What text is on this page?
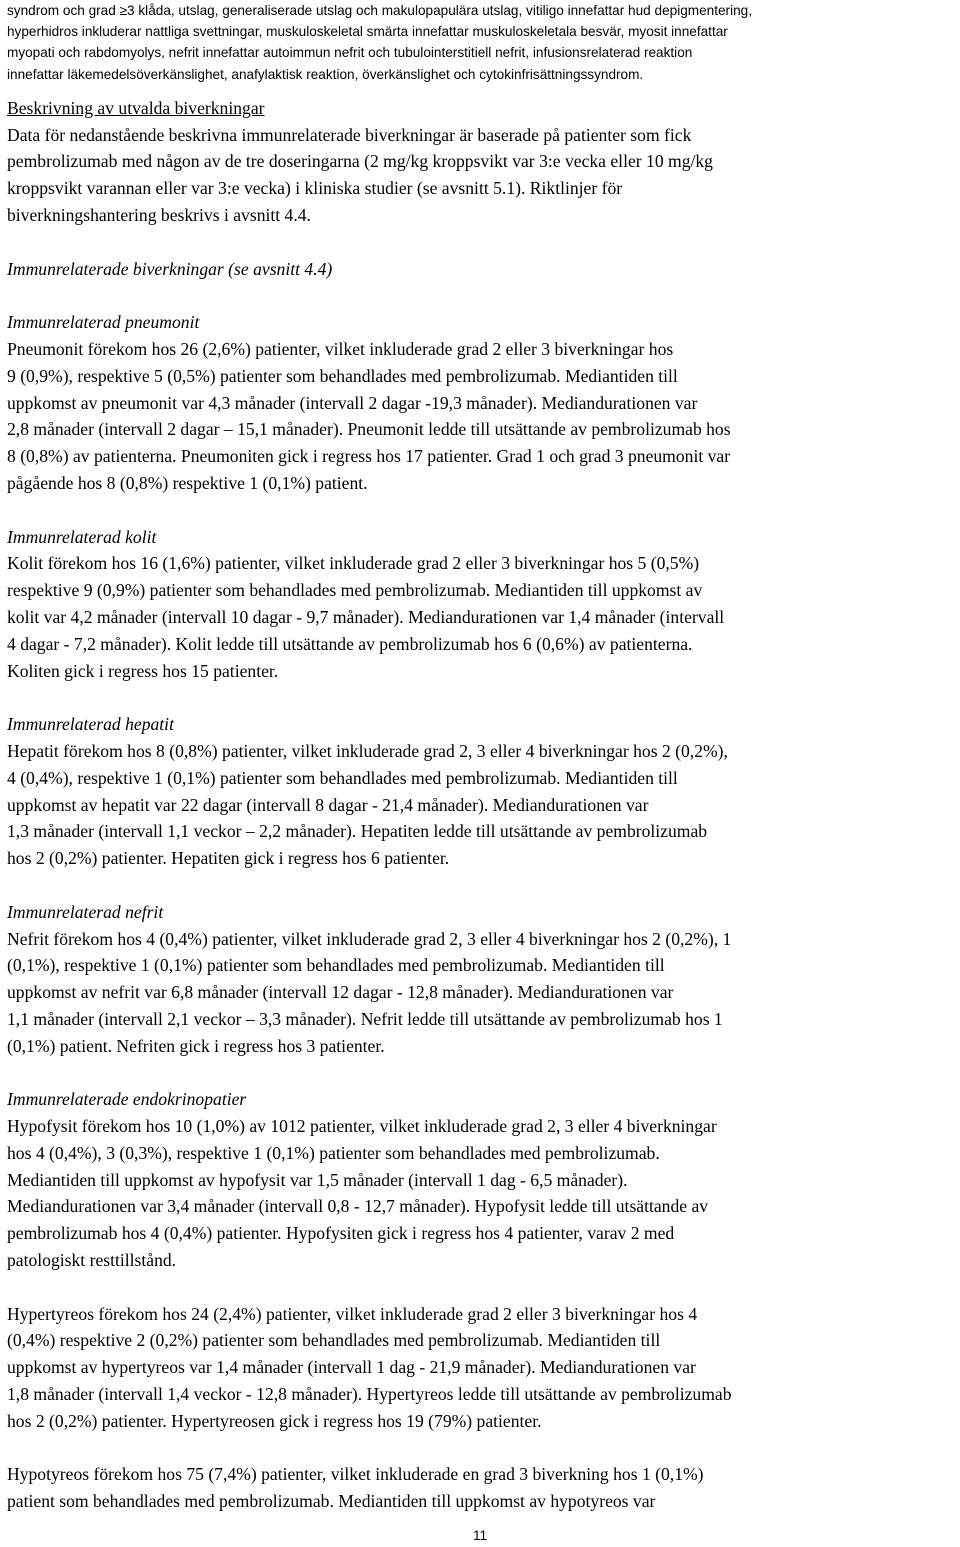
syndrom och grad ≥3 klåda, utslag, generaliserade utslag och makulopapulära utslag, vitiligo innefattar hud depigmentering,
hyperhidros inkluderar nattliga svettningar, muskuloskeletal smärta innefattar muskuloskeletala besvär, myosit innefattar
myopati och rabdomyolys, nefrit innefattar autoimmun nefrit och tubulointerstitiell nefrit, infusionsrelaterad reaktion
innefattar läkemedelsöverkänslighet, anafylaktisk reaktion, överkänslighet och cytokinfrisättningssyndrom.

Beskrivning av utvalda biverkningar

Data för nedanstående beskrivna immunrelaterade biverkningar är baserade på patienter som fick
pembrolizumab med någon av de tre doseringarna (2 mg/kg kroppsvikt var 3:e vecka eller 10 mg/kg
kroppsvikt varannan eller var 3:e vecka) i kliniska studier (se avsnitt 5.1). Riktlinjer för
biverkningshantering beskrivs i avsnitt 4.4.

Immunrelaterade biverkningar (se avsnitt 4.4)

Immunrelaterad pneumonit

Pneumonit förekom hos 26 (2,6%) patienter, vilket inkluderade grad 2 eller 3 biverkningar hos
9 (0,9%), respektive 5 (0,5%) patienter som behandlades med pembrolizumab. Mediantiden till
uppkomst av pneumonit var 4,3 månader (intervall 2 dagar -19,3 månader). Mediandurationen var
2,8 månader (intervall 2 dagar – 15,1 månader). Pneumonit ledde till utsättande av pembrolizumab hos
8 (0,8%) av patienterna. Pneumoniten gick i regress hos 17 patienter. Grad 1 och grad 3 pneumonit var
pågående hos 8 (0,8%) respektive 1 (0,1%) patient.

Immunrelaterad kolit

Kolit förekom hos 16 (1,6%) patienter, vilket inkluderade grad 2 eller 3 biverkningar hos 5 (0,5%)
respektive 9 (0,9%) patienter som behandlades med pembrolizumab. Mediantiden till uppkomst av
kolit var 4,2 månader (intervall 10 dagar - 9,7 månader). Mediandurationen var 1,4 månader (intervall
4 dagar - 7,2 månader). Kolit ledde till utsättande av pembrolizumab hos 6 (0,6%) av patienterna.
Koliten gick i regress hos 15 patienter.

Immunrelaterad hepatit

Hepatit förekom hos 8 (0,8%) patienter, vilket inkluderade grad 2, 3 eller 4 biverkningar hos 2 (0,2%),
4 (0,4%), respektive 1 (0,1%) patienter som behandlades med pembrolizumab. Mediantiden till
uppkomst av hepatit var 22 dagar (intervall 8 dagar - 21,4 månader). Mediandurationen var
1,3 månader (intervall 1,1 veckor – 2,2 månader). Hepatiten ledde till utsättande av pembrolizumab
hos 2 (0,2%) patienter. Hepatiten gick i regress hos 6 patienter.

Immunrelaterad nefrit

Nefrit förekom hos 4 (0,4%) patienter, vilket inkluderade grad 2, 3 eller 4 biverkningar hos 2 (0,2%), 1
(0,1%), respektive 1 (0,1%) patienter som behandlades med pembrolizumab. Mediantiden till
uppkomst av nefrit var 6,8 månader (intervall 12 dagar - 12,8 månader). Mediandurationen var
1,1 månader (intervall 2,1 veckor – 3,3 månader). Nefrit ledde till utsättande av pembrolizumab hos 1
(0,1%) patient. Nefriten gick i regress hos 3 patienter.

Immunrelaterade endokrinopatier

Hypofysit förekom hos 10 (1,0%) av 1012 patienter, vilket inkluderade grad 2, 3 eller 4 biverkningar
hos 4 (0,4%), 3 (0,3%), respektive 1 (0,1%) patienter som behandlades med pembrolizumab.
Mediantiden till uppkomst av hypofysit var 1,5 månader (intervall 1 dag - 6,5 månader).
Mediandurationen var 3,4 månader (intervall 0,8 - 12,7 månader). Hypofysit ledde till utsättande av
pembrolizumab hos 4 (0,4%) patienter. Hypofysiten gick i regress hos 4 patienter, varav 2 med
patologiskt resttillstånd.

Hypertyreos förekom hos 24 (2,4%) patienter, vilket inkluderade grad 2 eller 3 biverkningar hos 4
(0,4%) respektive 2 (0,2%) patienter som behandlades med pembrolizumab. Mediantiden till
uppkomst av hypertyreos var 1,4 månader (intervall 1 dag - 21,9 månader). Mediandurationen var
1,8 månader (intervall 1,4 veckor - 12,8 månader). Hypertyreos ledde till utsättande av pembrolizumab
hos 2 (0,2%) patienter. Hypertyreosen gick i regress hos 19 (79%) patienter.

Hypotyreos förekom hos 75 (7,4%) patienter, vilket inkluderade en grad 3 biverkning hos 1 (0,1%)
patient som behandlades med pembrolizumab. Mediantiden till uppkomst av hypotyreos var

11
